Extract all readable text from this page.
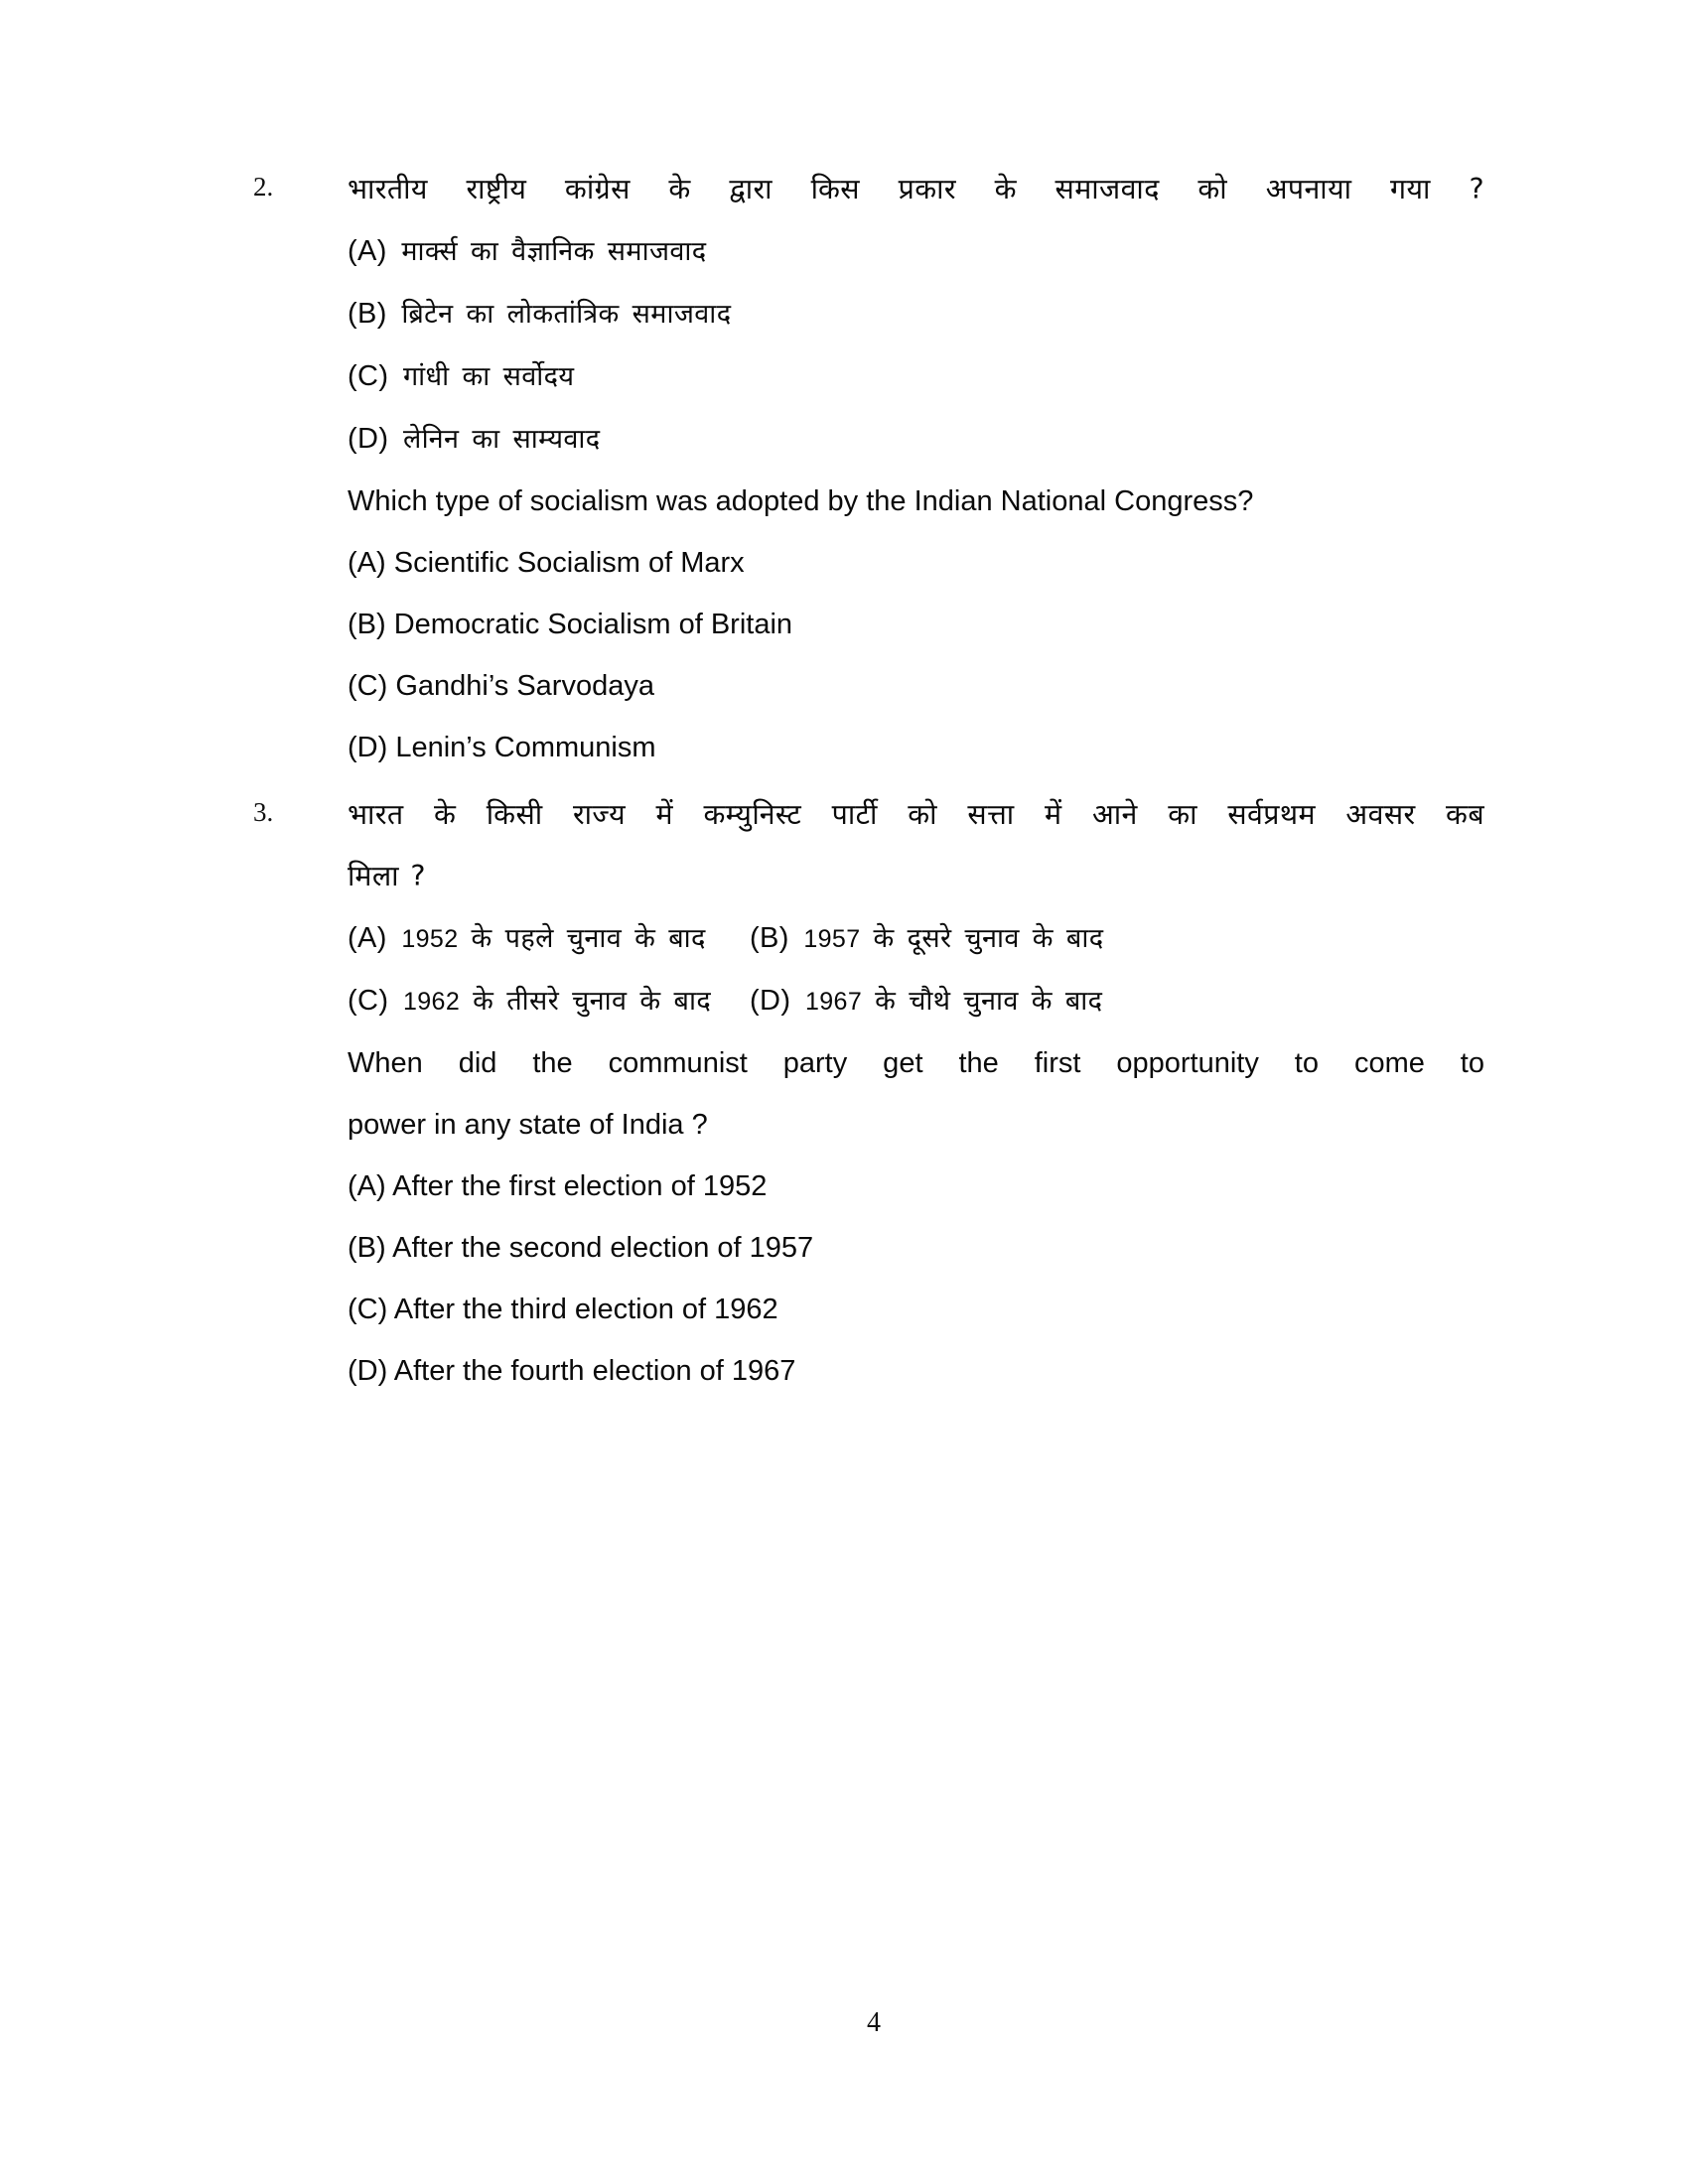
2.	भारतीय राष्ट्रीय कांग्रेस के द्वारा किस प्रकार के समाजवाद को अपनाया गया ?
(A) मार्क्स का वैज्ञानिक समाजवाद
(B) ब्रिटेन का लोकतांत्रिक समाजवाद
(C) गांधी का सर्वोदय
(D) लेनिन का साम्यवाद
Which type of socialism was adopted by the Indian National Congress?
(A) Scientific Socialism of Marx
(B) Democratic Socialism of Britain
(C) Gandhi’s Sarvodaya
(D) Lenin’s Communism
3.	भारत के किसी राज्य में कम्युनिस्ट पार्टी को सत्ता में आने का सर्वप्रथम अवसर कब
मिला ?
(A) 1952 के पहले चुनाव के बाद	(B) 1957 के दूसरे चुनाव के बाद
(C) 1962 के तीसरे चुनाव के बाद	(D) 1967 के चौथे चुनाव के बाद
When did the communist party get the first opportunity to come to
power in any state of India ?
(A) After the first election of 1952
(B) After the second election of 1957
(C) After the third election of 1962
(D) After the fourth election of 1967
4
